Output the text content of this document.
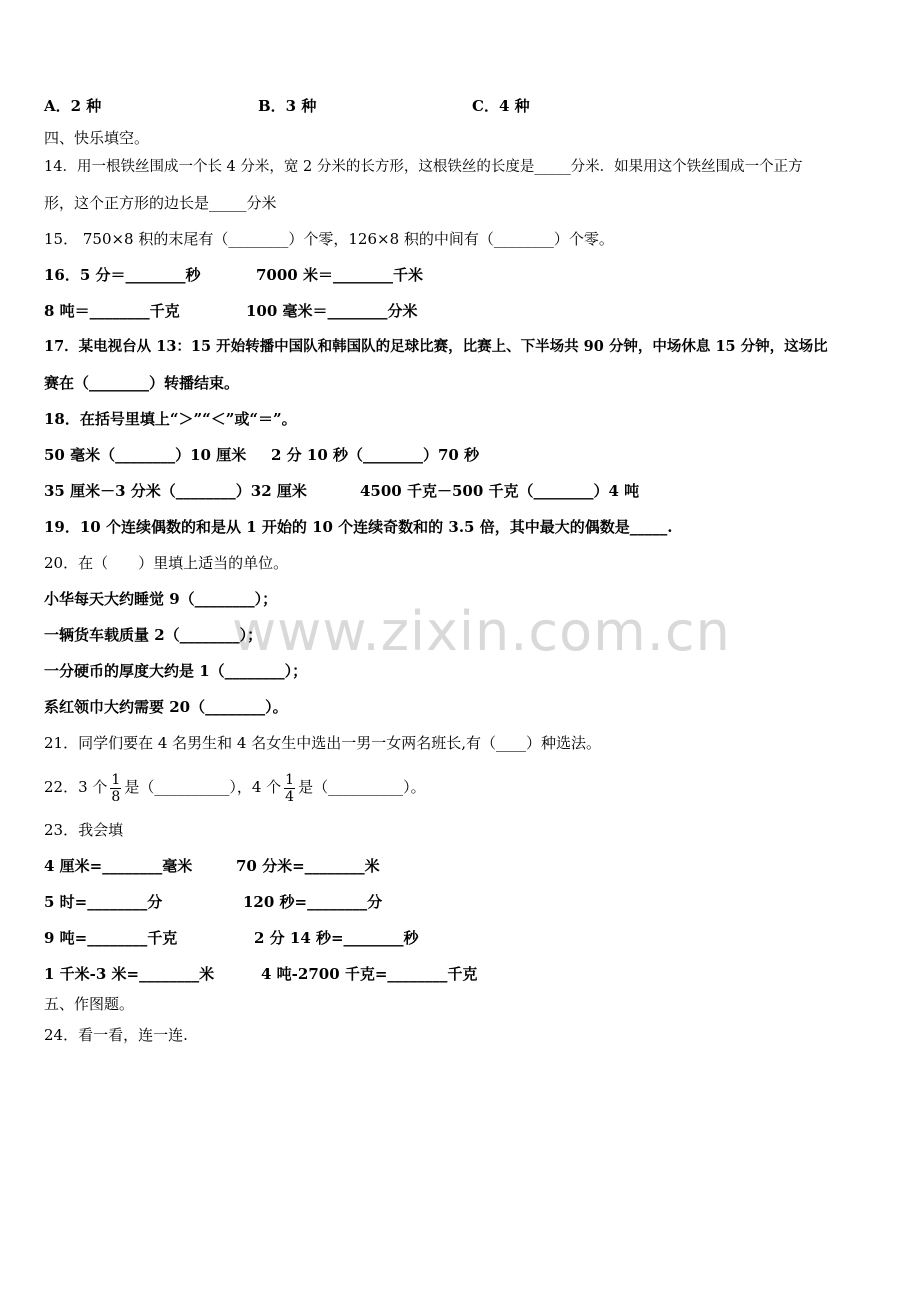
www.zixin.com.cn
A．2 种	B．3 种	C．4 种
四、快乐填空。
14．用一根铁丝围成一个长 4 分米，宽 2 分米的长方形，这根铁丝的长度是_____分米．如果用这个铁丝围成一个正方
形，这个正方形的边长是_____分米
15． 750×8 积的末尾有（________）个零，126×8 积的中间有（________）个零。
16．5 分＝________秒	7000 米＝________千米
8 吨＝________千克	100 毫米＝________分米
17．某电视台从 13：15 开始转播中国队和韩国队的足球比赛，比赛上、下半场共 90 分钟，中场休息 15 分钟，这场比
赛在（________）转播结束。
18．在括号里填上“＞”“＜”或“＝”。
50 毫米（________）10 厘米 2 分 10 秒（________）70 秒
35 厘米－3 分米（________）32 厘米	4500 千克－500 千克（________）4 吨
19．10 个连续偶数的和是从 1 开始的 10 个连续奇数和的 3.5 倍，其中最大的偶数是_____.
20．在（　　）里填上适当的单位。
小华每天大约睡觉 9（________）；
一辆货车载质量 2（________）；
一分硬币的厚度大约是 1（________）；
系红领巾大约需要 20（________）。
21．同学们要在 4 名男生和 4 名女生中选出一男一女两名班长,有（____）种选法。
22．3 个 $\frac{1}{8}$ 是（__________），4 个 $\frac{1}{4}$ 是（__________）。
23．我会填
4 厘米=________毫米	70 分米=________米
5 时=________分	120 秒=________分
9 吨=________千克	2 分 14 秒=________秒
1 千米-3 米=________米	4 吨-2700 千克=________千克
五、作图题。
24．看一看，连一连.
